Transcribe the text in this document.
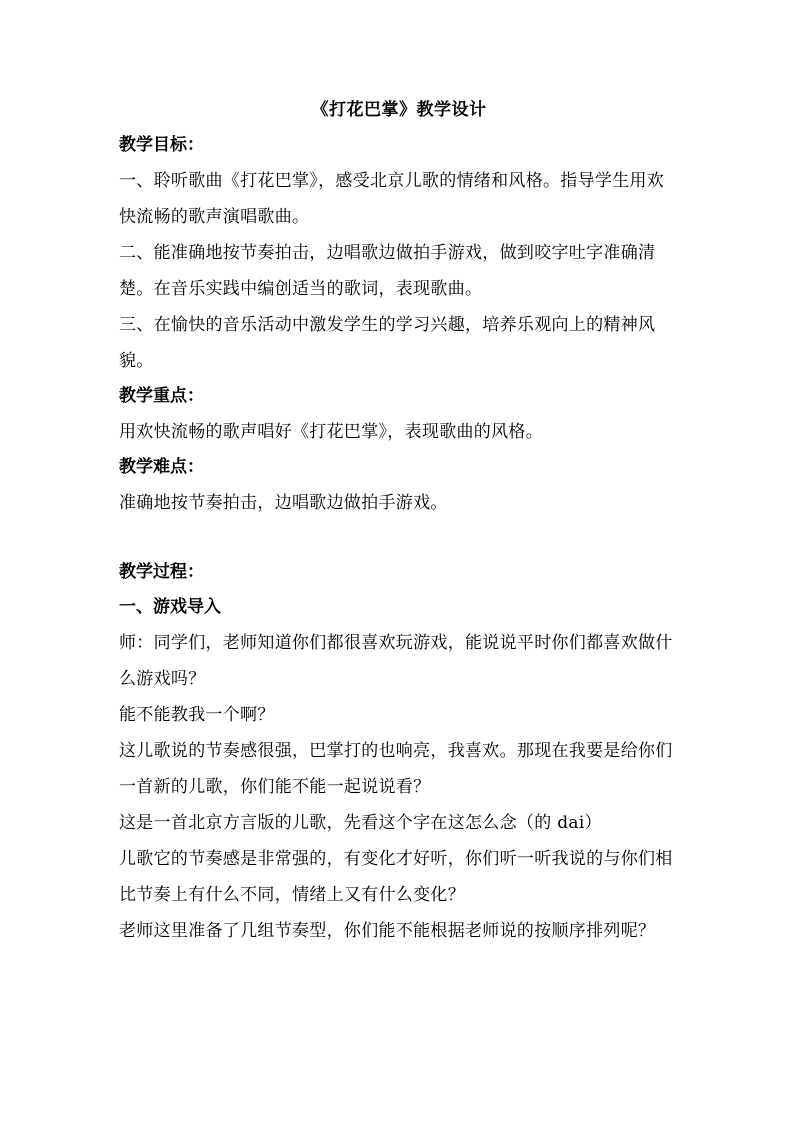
《打花巴掌》教学设计
教学目标：

一、聆听歌曲《打花巴掌》，感受北京儿歌的情绪和风格。指导学生用欢快流畅的歌声演唱歌曲。

二、能准确地按节奏拍击，边唱歌边做拍手游戏，做到咬字吐字准确清楚。在音乐实践中编创适当的歌词，表现歌曲。

三、在愉快的音乐活动中激发学生的学习兴趣，培养乐观向上的精神风貌。

教学重点：

用欢快流畅的歌声唱好《打花巴掌》，表现歌曲的风格。

教学难点：

准确地按节奏拍击，边唱歌边做拍手游戏。

教学过程：
一、游戏导入

师：同学们，老师知道你们都很喜欢玩游戏，能说说平时你们都喜欢做什么游戏吗？

能不能教我一个啊？

这儿歌说的节奏感很强，巴掌打的也响亮，我喜欢。那现在我要是给你们一首新的儿歌，你们能不能一起说说看？

这是一首北京方言版的儿歌，先看这个字在这怎么念（的 dai）

儿歌它的节奏感是非常强的，有变化才好听，你们听一听我说的与你们相比节奏上有什么不同，情绪上又有什么变化？

老师这里准备了几组节奏型，你们能不能根据老师说的按顺序排列呢？
